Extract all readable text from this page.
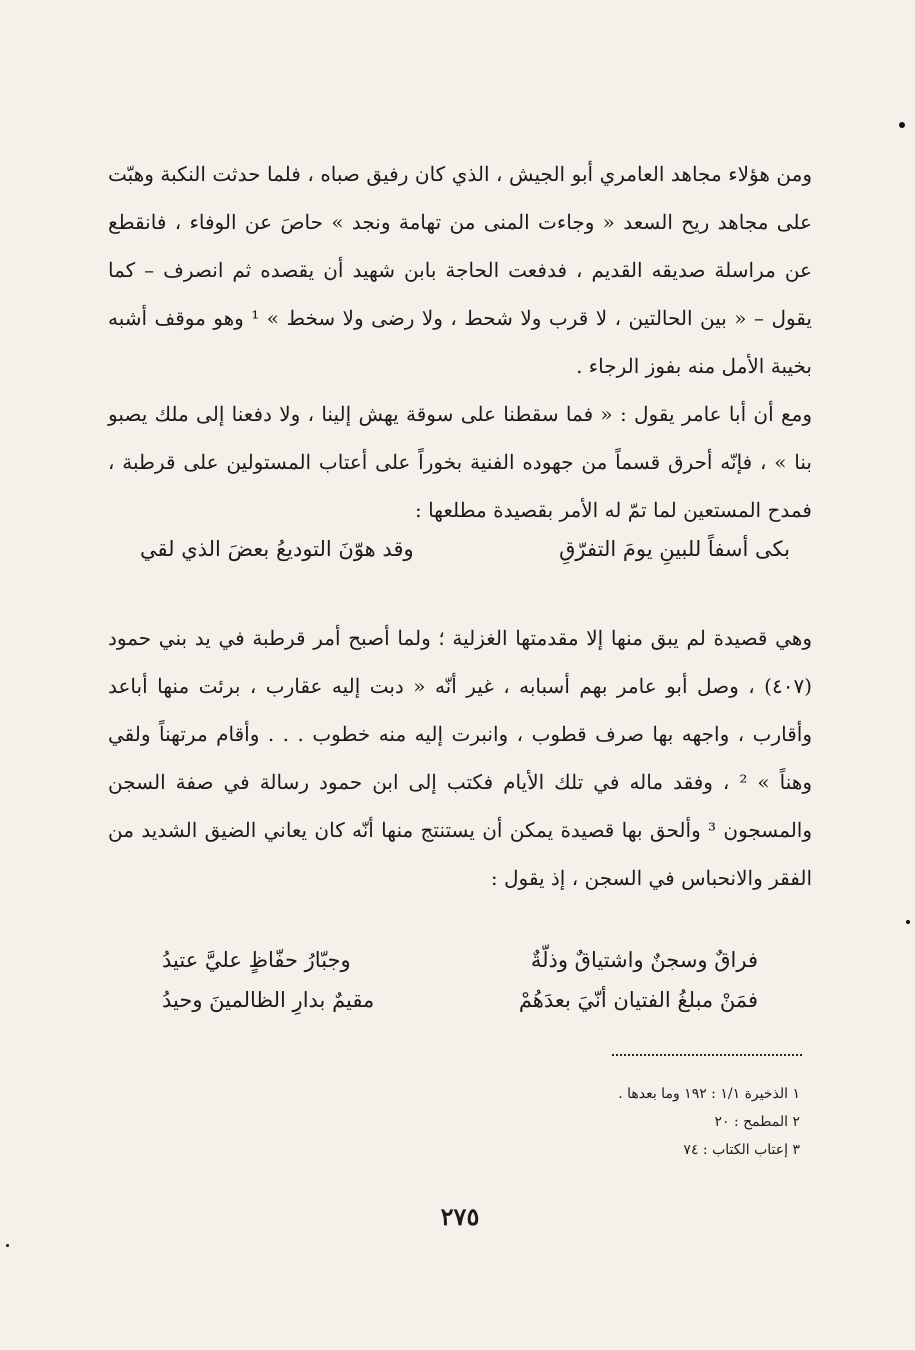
ومن هؤلاء مجاهد العامري أبو الجيش ، الذي كان رفيق صباه ، فلما حدثت النكبة وهبّت على مجاهد ريح السعد « وجاءت المنى من تهامة ونجد » حاصَ عن الوفاء ، فانقطع عن مراسلة صديقه القديم ، فدفعت الحاجة بابن شهيد أن يقصده ثم انصرف – كما يقول – « بين الحالتين ، لا قرب ولا شحط ، ولا رضى ولا سخط » ¹ وهو موقف أشبه بخيبة الأمل منه بفوز الرجاء .
ومع أن أبا عامر يقول : « فما سقطنا على سوقة يهش إلينا ، ولا دفعنا إلى ملك يصبو بنا » ، فإنّه أحرق قسماً من جهوده الفنية بخوراً على أعتاب المستولين على قرطبة ، فمدح المستعين لما تمّ له الأمر بقصيدة مطلعها :
بكى أسفاً للبينِ يومَ التفرّقِ
وقد هوّنَ التوديعُ بعضَ الذي لقي
وهي قصيدة لم يبق منها إلا مقدمتها الغزلية ؛ ولما أصبح أمر قرطبة في يد بني حمود (٤٠٧) ، وصل أبو عامر بهم أسبابه ، غير أنّه « دبت إليه عقارب ، برئت منها أباعد وأقارب ، واجهه بها صرف قطوب ، وانبرت إليه منه خطوب . . . وأقام مرتهناً ولقي وهناً » ² ، وفقد ماله في تلك الأيام فكتب إلى ابن حمود رسالة في صفة السجن والمسجون ³ وألحق بها قصيدة يمكن أن يستنتج منها أنّه كان يعاني الضيق الشديد من الفقر والانحباس في السجن ، إذ يقول :
فراقٌ وسجنٌ واشتياقٌ وذلّةٌ
وجبّارُ حفّاظٍ عليَّ عتيدُ
فمَنْ مبلغُ الفتيان أنّيَ بعدَهُمْ
مقيمٌ بدارِ الظالمينَ وحيدُ
١ الذخيرة ١/١ : ١٩٢ وما بعدها .
٢ المطمح : ٢٠
٣ إعتاب الكتاب : ٧٤
٢٧٥
